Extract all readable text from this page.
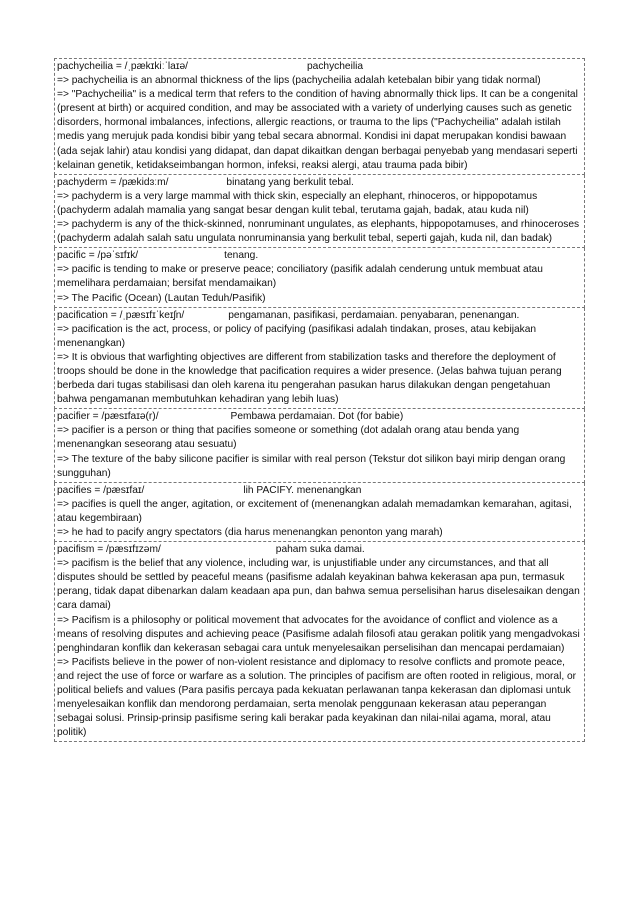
pachycheilia = /ˌpækɪkiːˈlaɪə/	pachycheilia

=> pachycheilia is an abnormal thickness of the lips (pachycheilia adalah ketebalan bibir yang tidak normal)

=> "Pachycheilia" is a medical term that refers to the condition of having abnormally thick lips. It can be a congenital (present at birth) or acquired condition, and may be associated with a variety of underlying causes such as genetic disorders, hormonal imbalances, infections, allergic reactions, or trauma to the lips ("Pachycheilia" adalah istilah medis yang merujuk pada kondisi bibir yang tebal secara abnormal. Kondisi ini dapat merupakan kondisi bawaan (ada sejak lahir) atau kondisi yang didapat, dan dapat dikaitkan dengan berbagai penyebab yang mendasari seperti kelainan genetik, ketidakseimbangan hormon, infeksi, reaksi alergi, atau trauma pada bibir)

pachyderm = /pækidɜːm/	binatang yang berkulit tebal.

=> pachyderm is a very large mammal with thick skin, especially an elephant, rhinoceros, or hippopotamus (pachyderm adalah mamalia yang sangat besar dengan kulit tebal, terutama gajah, badak, atau kuda nil)

=> pachyderm is any of the thick-skinned, nonruminant ungulates, as elephants, hippopotamuses, and rhinoceroses (pachyderm adalah salah satu ungulata nonruminansia yang berkulit tebal, seperti gajah, kuda nil, dan badak)

pacific = /pəˈsɪfɪk/	tenang.

=> pacific is tending to make or preserve peace; conciliatory (pasifik adalah cenderung untuk membuat atau memelihara perdamaian; bersifat mendamaikan)

=> The Pacific (Ocean) (Lautan Teduh/Pasifik)

pacification = /ˌpæsɪfɪˈkeɪʃn/	pengamanan, pasifikasi, perdamaian. penyabaran, penenangan.

=> pacification is the act, process, or policy of pacifying (pasifikasi adalah tindakan, proses, atau kebijakan menenangkan)

=> It is obvious that warfighting objectives are different from stabilization tasks and therefore the deployment of troops should be done in the knowledge that pacification requires a wider presence. (Jelas bahwa tujuan perang berbeda dari tugas stabilisasi dan oleh karena itu pengerahan pasukan harus dilakukan dengan pengetahuan bahwa pengamanan membutuhkan kehadiran yang lebih luas)

pacifier = /pæsɪfaɪə(r)/	Pembawa perdamaian. Dot (for babie)

=> pacifier is a person or thing that pacifies someone or something (dot adalah orang atau benda yang menenangkan seseorang atau sesuatu)

=> The texture of the baby silicone pacifier is similar with real person (Tekstur dot silikon bayi mirip dengan orang sungguhan)

pacifies = /pæsɪfaɪ/	lih PACIFY. menenangkan

=> pacifies is quell the anger, agitation, or excitement of (menenangkan adalah memadamkan kemarahan, agitasi, atau kegembiraan)

=> he had to pacify angry spectators (dia harus menenangkan penonton yang marah)

pacifism = /pæsɪfɪzəm/	paham suka damai.

=> pacifism is the belief that any violence, including war, is unjustifiable under any circumstances, and that all disputes should be settled by peaceful means (pasifisme adalah keyakinan bahwa kekerasan apa pun, termasuk perang, tidak dapat dibenarkan dalam keadaan apa pun, dan bahwa semua perselisihan harus diselesaikan dengan cara damai)

=> Pacifism is a philosophy or political movement that advocates for the avoidance of conflict and violence as a means of resolving disputes and achieving peace (Pasifisme adalah filosofi atau gerakan politik yang mengadvokasi penghindaran konflik dan kekerasan sebagai cara untuk menyelesaikan perselisihan dan mencapai perdamaian)

=> Pacifists believe in the power of non-violent resistance and diplomacy to resolve conflicts and promote peace, and reject the use of force or warfare as a solution. The principles of pacifism are often rooted in religious, moral, or political beliefs and values (Para pasifis percaya pada kekuatan perlawanan tanpa kekerasan dan diplomasi untuk menyelesaikan konflik dan mendorong perdamaian, serta menolak penggunaan kekerasan atau peperangan sebagai solusi. Prinsip-prinsip pasifisme sering kali berakar pada keyakinan dan nilai-nilai agama, moral, atau politik)
